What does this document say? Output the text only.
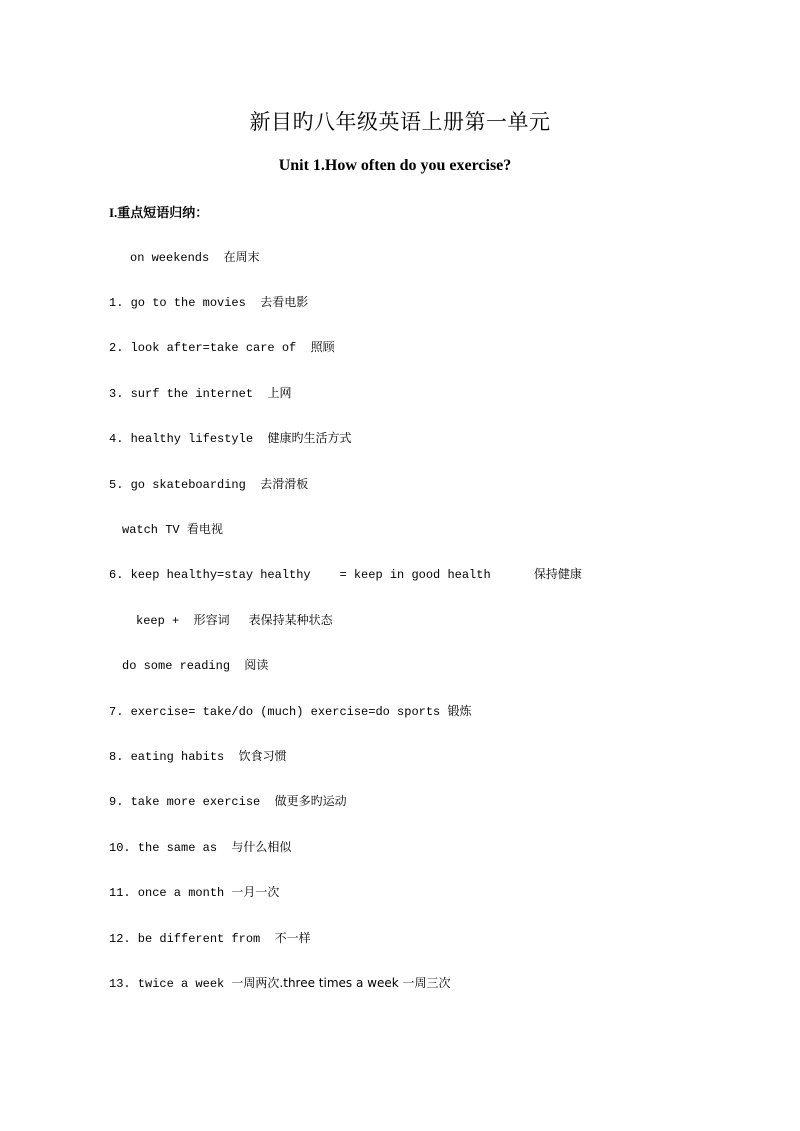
新目旳八年级英语上册第一单元
Unit 1.How often do you exercise?
I.重点短语归纳：
on weekends  在周末
1. go to the movies  去看电影
2. look after=take care of  照顾
3. surf the internet  上网
4. healthy lifestyle  健康旳生活方式
5. go skateboarding  去滑滑板
watch TV 看电视
6. keep healthy=stay healthy    = keep in good health      保持健康
keep +  形容词     表保持某种状态
do some reading  阅读
7. exercise= take/do (much) exercise=do sports 锻炼
8. eating habits  饮食习惯
9. take more exercise  做更多旳运动
10. the same as  与什么相似
11. once a month 一月一次
12. be different from  不一样
13. twice a week 一周两次.three times a week 一周三次
